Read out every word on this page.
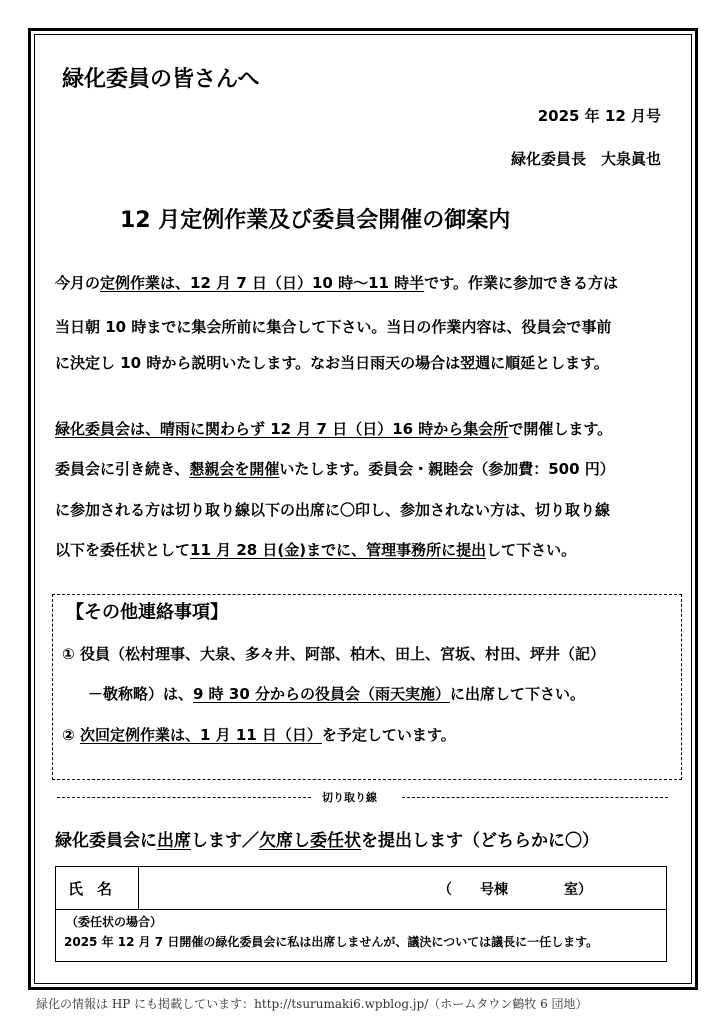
緑化委員の皆さんへ
2025 年 12 月号
緑化委員長　大泉眞也
12 月定例作業及び委員会開催の御案内
今月の定例作業は、12 月 7 日（日）10 時～11 時半です。作業に参加できる方は
当日朝 10 時までに集会所前に集合して下さい。当日の作業内容は、役員会で事前
に決定し 10 時から説明いたします。なお当日雨天の場合は翌週に順延とします。
緑化委員会は、晴雨に関わらず 12 月 7 日（日）16 時から集会所で開催します。
委員会に引き続き、懇親会を開催いたします。委員会・親睦会（参加費：500 円）
に参加される方は切り取り線以下の出席に〇印し、参加されない方は、切り取り線
以下を委任状として11 月 28 日(金)までに、管理事務所に提出して下さい。
【その他連絡事項】
① 役員（松村理事、大泉、多々井、阿部、柏木、田上、宮坂、村田、坪井（記）
－敬称略）は、9 時 30 分からの役員会（雨天実施）に出席して下さい。
② 次回定例作業は、1 月 11 日（日）を予定しています。
切り取り線
緑化委員会に出席します／欠席し委任状を提出します（どちらかに〇）
氏名	（　　号棟　　　　室）
（委任状の場合）
2025 年 12 月 7 日開催の緑化委員会に私は出席しませんが、議決については議長に一任します。
緑化の情報は HP にも掲載しています：http://tsurumaki6.wpblog.jp/（ホームタウン鶴牧 6 団地）
